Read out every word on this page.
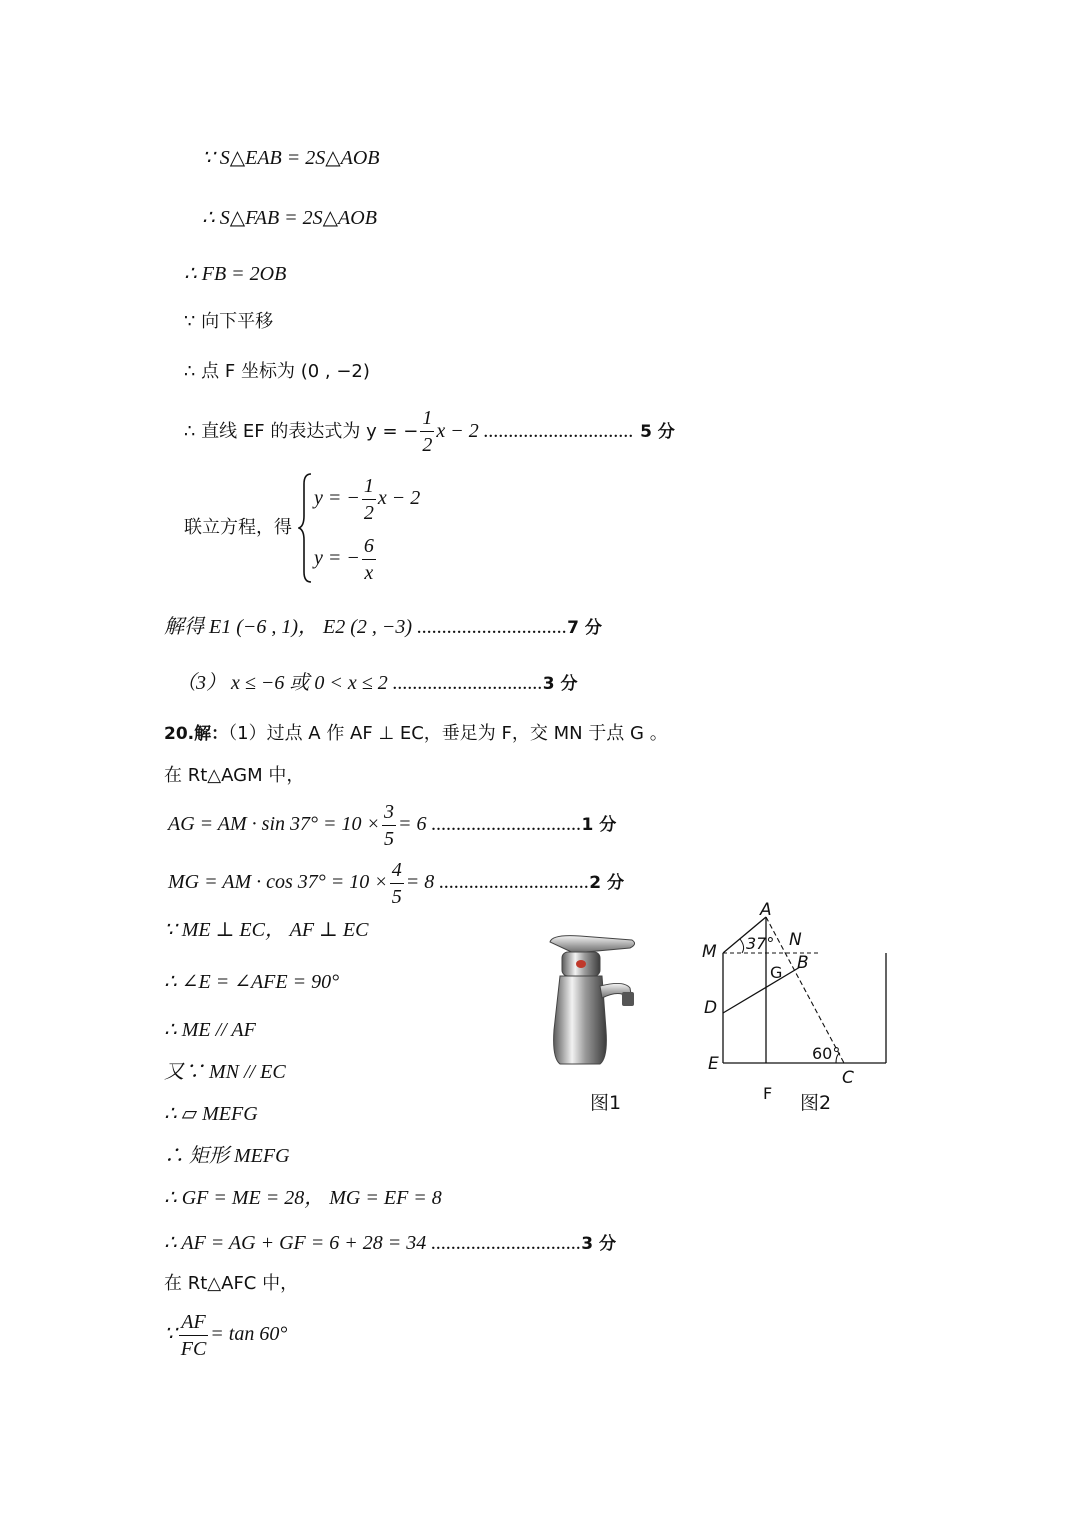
∵ S△EAB = 2S△AOB
∴ S△FAB = 2S△AOB
∴ FB = 2OB
∵ 向下平移
∴ 点 F 坐标为 (0 , −2)
∴ 直线 EF 的表达式为 y = − $\frac{1}{2}$ x − 2 .............................. 5 分
联立方程，得
y = − $\frac{1}{2}$ x − 2
y = − $\frac{6}{x}$
解得 E1 (−6 , 1)， E2 (2 , −3) ..............................7 分
（3） x ≤ −6 或 0 < x ≤ 2 ..............................3 分
20.解：（1）过点 A 作 AF ⊥ EC，垂足为 F，交 MN 于点 G 。
在 Rt△AGM 中，
AG = AM · $\sin 37^\circ = 10 \times \frac{3}{5} = 6$ ..............................1 分
MG = AM · $\cos 37^\circ = 10 \times \frac{4}{5} = 8$ ..............................2 分
∵ ME ⊥ EC， AF ⊥ EC
∴ ∠E = ∠AFE = 90°
∴ ME // AF
又∵ MN // EC
∴ ▱ MEFG
∴ 矩形 MEFG
∴ GF = ME = 28， MG = EF = 8
∴ AF = AG + GF = 6 + 28 = 34 ..............................3 分
在 Rt△AFC 中，
∵ $\frac{AF}{FC} = \tan 60^\circ$
图1
A
M 37° N
B
G
D
E
60°
C
F 图2
